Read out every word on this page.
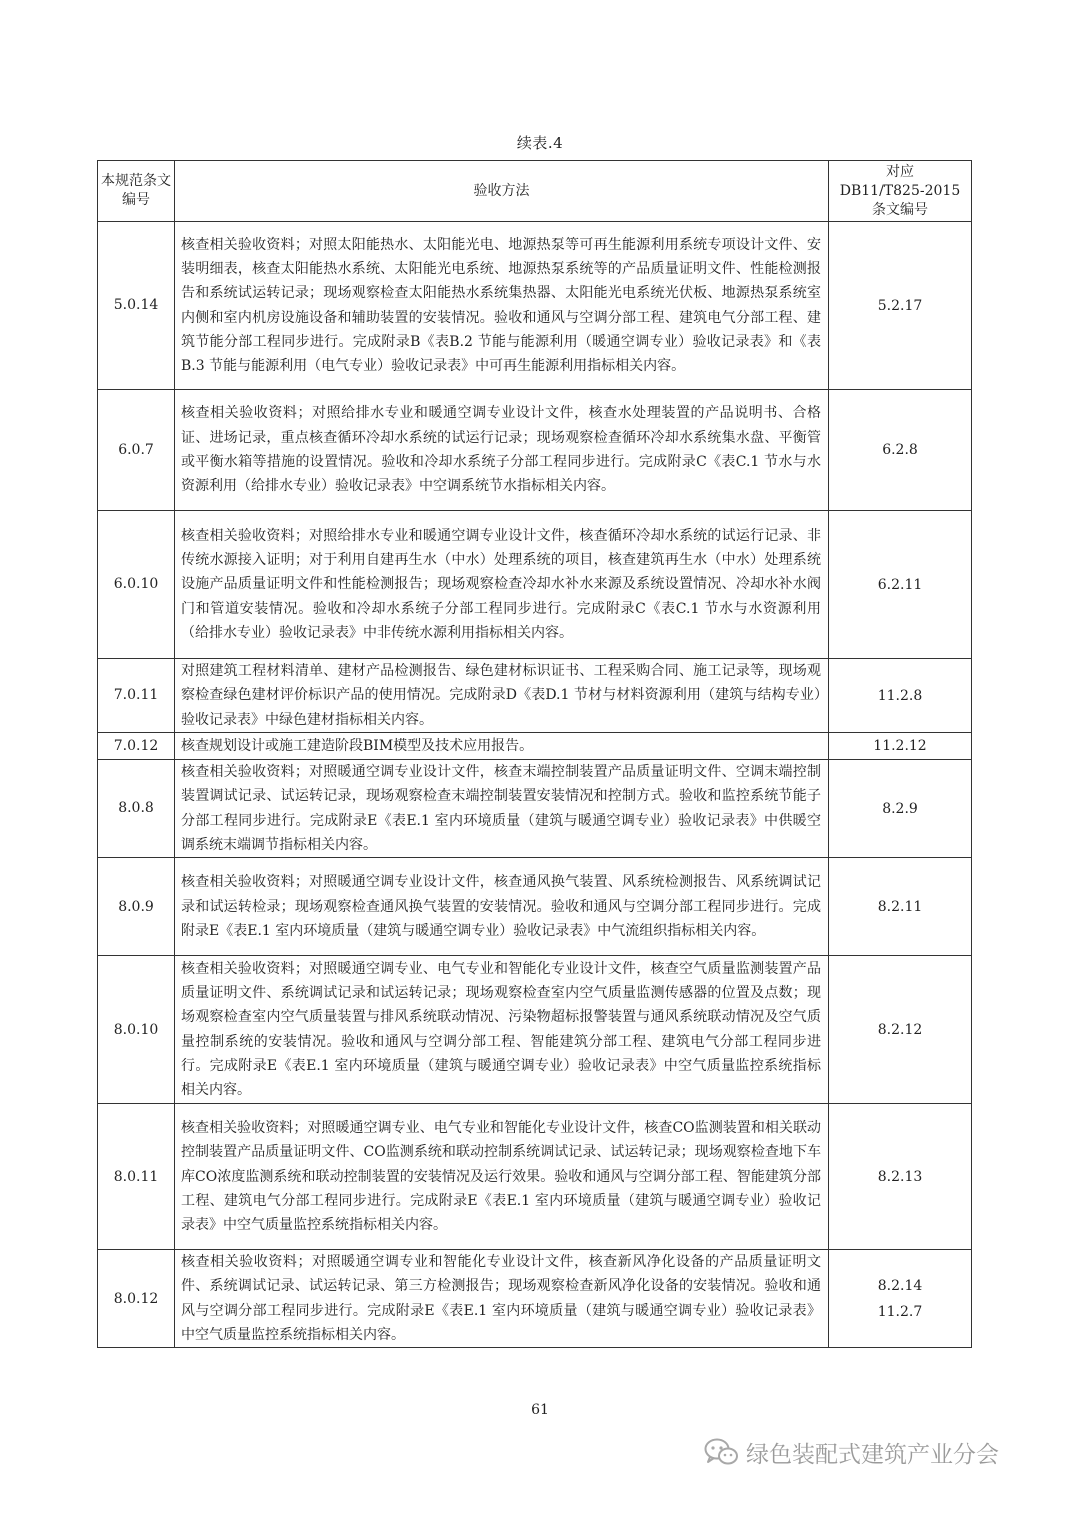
续表.4
本规范条文编号	验收方法	对应
DB11/T825-2015
条文编号

5.0.14	核查相关验收资料；对照太阳能热水、太阳能光电、地源热泵等可再生能源利用系统专项设计文件、安装明细表，核查太阳能热水系统、太阳能光电系统、地源热泵系统等的产品质量证明文件、性能检测报告和系统试运转记录；现场观察检查太阳能热水系统集热器、太阳能光电系统光伏板、地源热泵系统室内侧和室内机房设施设备和辅助装置的安装情况。验收和通风与空调分部工程、建筑电气分部工程、建筑节能分部工程同步进行。完成附录B《表B.2 节能与能源利用（暖通空调专业）验收记录表》和《表B.3 节能与能源利用（电气专业）验收记录表》中可再生能源利用指标相关内容。	5.2.17

6.0.7	核查相关验收资料；对照给排水专业和暖通空调专业设计文件，核查水处理装置的产品说明书、合格证、进场记录，重点核查循环冷却水系统的试运行记录；现场观察检查循环冷却水系统集水盘、平衡管或平衡水箱等措施的设置情况。验收和冷却水系统子分部工程同步进行。完成附录C《表C.1 节水与水资源利用（给排水专业）验收记录表》中空调系统节水指标相关内容。	6.2.8

6.0.10	核查相关验收资料；对照给排水专业和暖通空调专业设计文件，核查循环冷却水系统的试运行记录、非传统水源接入证明；对于利用自建再生水（中水）处理系统的项目，核查建筑再生水（中水）处理系统设施产品质量证明文件和性能检测报告；现场观察检查冷却水补水来源及系统设置情况、冷却水补水阀门和管道安装情况。验收和冷却水系统子分部工程同步进行。完成附录C《表C.1 节水与水资源利用（给排水专业）验收记录表》中非传统水源利用指标相关内容。	6.2.11

7.0.11	对照建筑工程材料清单、建材产品检测报告、绿色建材标识证书、工程采购合同、施工记录等，现场观察检查绿色建材评价标识产品的使用情况。完成附录D《表D.1 节材与材料资源利用（建筑与结构专业）验收记录表》中绿色建材指标相关内容。	11.2.8

7.0.12	核查规划设计或施工建造阶段BIM模型及技术应用报告。	11.2.12

8.0.8	核查相关验收资料；对照暖通空调专业设计文件，核查末端控制装置产品质量证明文件、空调末端控制装置调试记录、试运转记录，现场观察检查末端控制装置安装情况和控制方式。验收和监控系统节能子分部工程同步进行。完成附录E《表E.1 室内环境质量（建筑与暖通空调专业）验收记录表》中供暖空调系统末端调节指标相关内容。	8.2.9

8.0.9	核查相关验收资料；对照暖通空调专业设计文件，核查通风换气装置、风系统检测报告、风系统调试记录和试运转检录；现场观察检查通风换气装置的安装情况。验收和通风与空调分部工程同步进行。完成附录E《表E.1 室内环境质量（建筑与暖通空调专业）验收记录表》中气流组织指标相关内容。	8.2.11

8.0.10	核查相关验收资料；对照暖通空调专业、电气专业和智能化专业设计文件，核查空气质量监测装置产品质量证明文件、系统调试记录和试运转记录；现场观察检查室内空气质量监测传感器的位置及点数；现场观察检查室内空气质量装置与排风系统联动情况、污染物超标报警装置与通风系统联动情况及空气质量控制系统的安装情况。验收和通风与空调分部工程、智能建筑分部工程、建筑电气分部工程同步进行。完成附录E《表E.1 室内环境质量（建筑与暖通空调专业）验收记录表》中空气质量监控系统指标相关内容。	8.2.12

8.0.11	核查相关验收资料；对照暖通空调专业、电气专业和智能化专业设计文件，核查CO监测装置和相关联动控制装置产品质量证明文件、CO监测系统和联动控制系统调试记录、试运转记录；现场观察检查地下车库CO浓度监测系统和联动控制装置的安装情况及运行效果。验收和通风与空调分部工程、智能建筑分部工程、建筑电气分部工程同步进行。完成附录E《表E.1 室内环境质量（建筑与暖通空调专业）验收记录表》中空气质量监控系统指标相关内容。	8.2.13

8.0.12	核查相关验收资料；对照暖通空调专业和智能化专业设计文件，核查新风净化设备的产品质量证明文件、系统调试记录、试运转记录、第三方检测报告；现场观察检查新风净化设备的安装情况。验收和通风与空调分部工程同步进行。完成附录E《表E.1 室内环境质量（建筑与暖通空调专业）验收记录表》中空气质量监控系统指标相关内容。	8.2.14
11.2.7
61
绿色装配式建筑产业分会
